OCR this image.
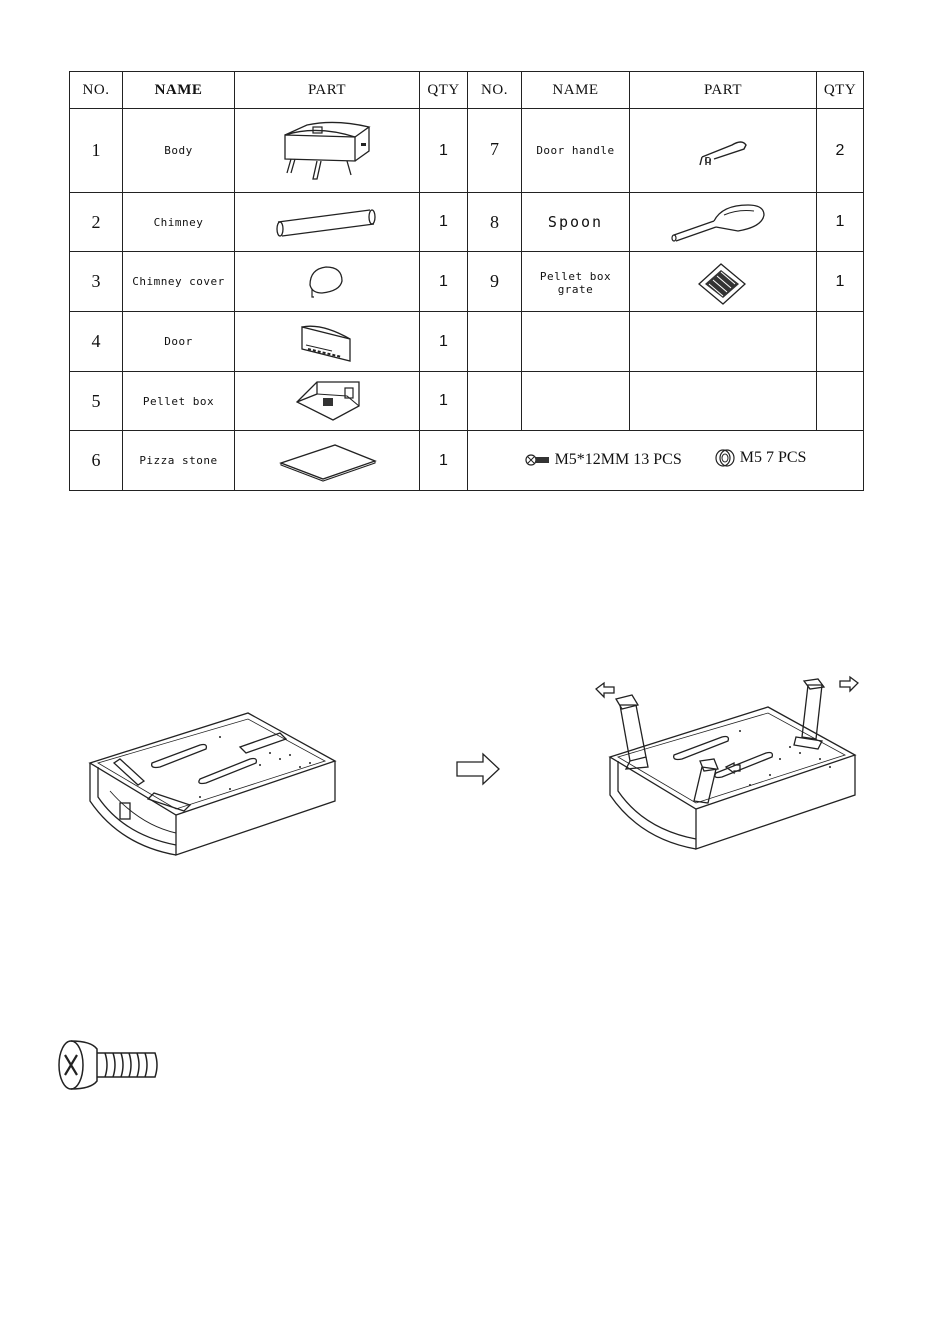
NO.	NAME	PART	QTY	NO.	NAME	PART	QTY
1	Body		1	7	Door handle		2
2	Chimney		1	8	Spoon		1
3	Chimney cover		1	9	Pellet box grate		1
4	Door		1				
5	Pellet box		1				
6	Pizza stone		1	M5*12MM 13 PCS
M5 7 PCS			
